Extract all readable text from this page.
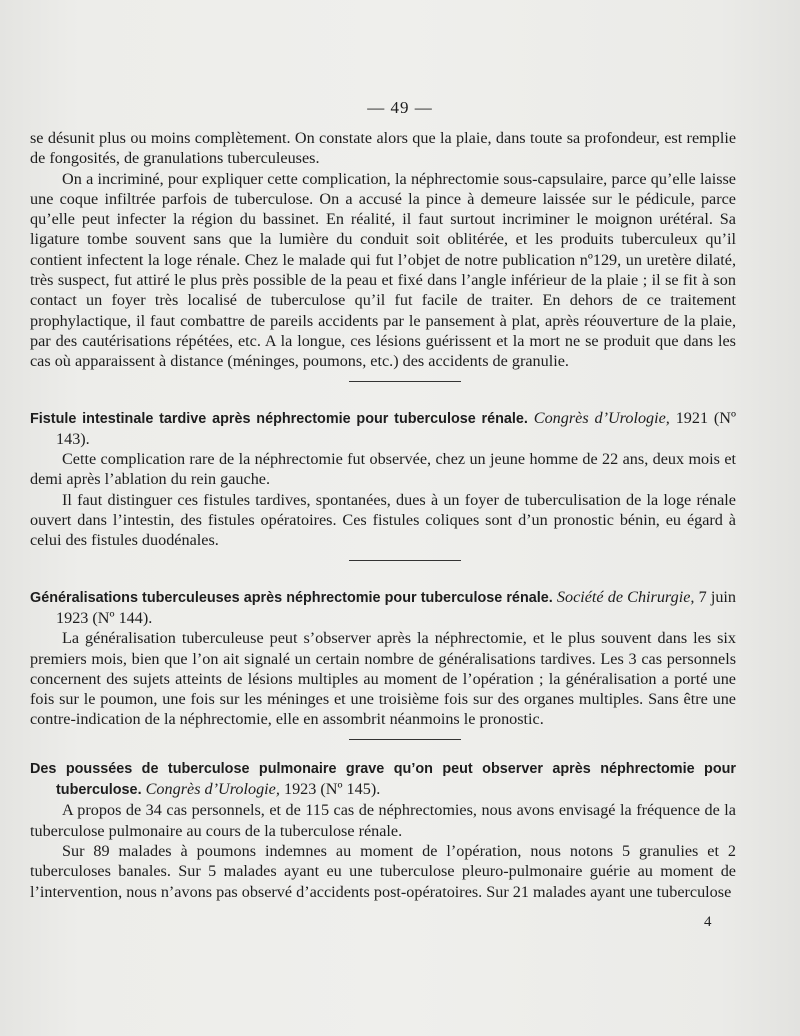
— 49 —

se désunit plus ou moins complètement. On constate alors que la plaie, dans toute sa profondeur, est remplie de fongosités, de granulations tuberculeuses.

On a incriminé, pour expliquer cette complication, la néphrectomie sous-capsulaire, parce qu’elle laisse une coque infiltrée parfois de tuberculose. On a accusé la pince à demeure laissée sur le pédicule, parce qu’elle peut infecter la région du bassinet. En réalité, il faut surtout incriminer le moignon urétéral. Sa ligature tombe souvent sans que la lumière du conduit soit oblitérée, et les produits tuberculeux qu’il contient infectent la loge rénale. Chez le malade qui fut l’objet de notre publication nº129, un uretère dilaté, très suspect, fut attiré le plus près possible de la peau et fixé dans l’angle inférieur de la plaie ; il se fit à son contact un foyer très localisé de tuberculose qu’il fut facile de traiter. En dehors de ce traitement prophylactique, il faut combattre de pareils accidents par le pansement à plat, après réouverture de la plaie, par des cautérisations répétées, etc. A la longue, ces lésions guérissent et la mort ne se produit que dans les cas où apparaissent à distance (méninges, poumons, etc.) des accidents de granulie.

Fistule intestinale tardive après néphrectomie pour tuberculose rénale. Congrès d’Urologie, 1921 (Nº 143).

Cette complication rare de la néphrectomie fut observée, chez un jeune homme de 22 ans, deux mois et demi après l’ablation du rein gauche.

Il faut distinguer ces fistules tardives, spontanées, dues à un foyer de tuberculisation de la loge rénale ouvert dans l’intestin, des fistules opératoires. Ces fistules coliques sont d’un pronostic bénin, eu égard à celui des fistules duodénales.

Généralisations tuberculeuses après néphrectomie pour tuberculose rénale. Société de Chirurgie, 7 juin 1923 (Nº 144).

La généralisation tuberculeuse peut s’observer après la néphrectomie, et le plus souvent dans les six premiers mois, bien que l’on ait signalé un certain nombre de généralisations tardives. Les 3 cas personnels concernent des sujets atteints de lésions multiples au moment de l’opération ; la généralisation a porté une fois sur le poumon, une fois sur les méninges et une troisième fois sur des organes multiples. Sans être une contre-indication de la néphrectomie, elle en assombrit néanmoins le pronostic.

Des poussées de tuberculose pulmonaire grave qu’on peut observer après néphrectomie pour tuberculose. Congrès d’Urologie, 1923 (Nº 145).

A propos de 34 cas personnels, et de 115 cas de néphrectomies, nous avons envisagé la fréquence de la tuberculose pulmonaire au cours de la tuberculose rénale.

Sur 89 malades à poumons indemnes au moment de l’opération, nous notons 5 granulies et 2 tuberculoses banales. Sur 5 malades ayant eu une tuberculose pleuro-pulmonaire guérie au moment de l’intervention, nous n’avons pas observé d’accidents post-opératoires. Sur 21 malades ayant une tuberculose

4
